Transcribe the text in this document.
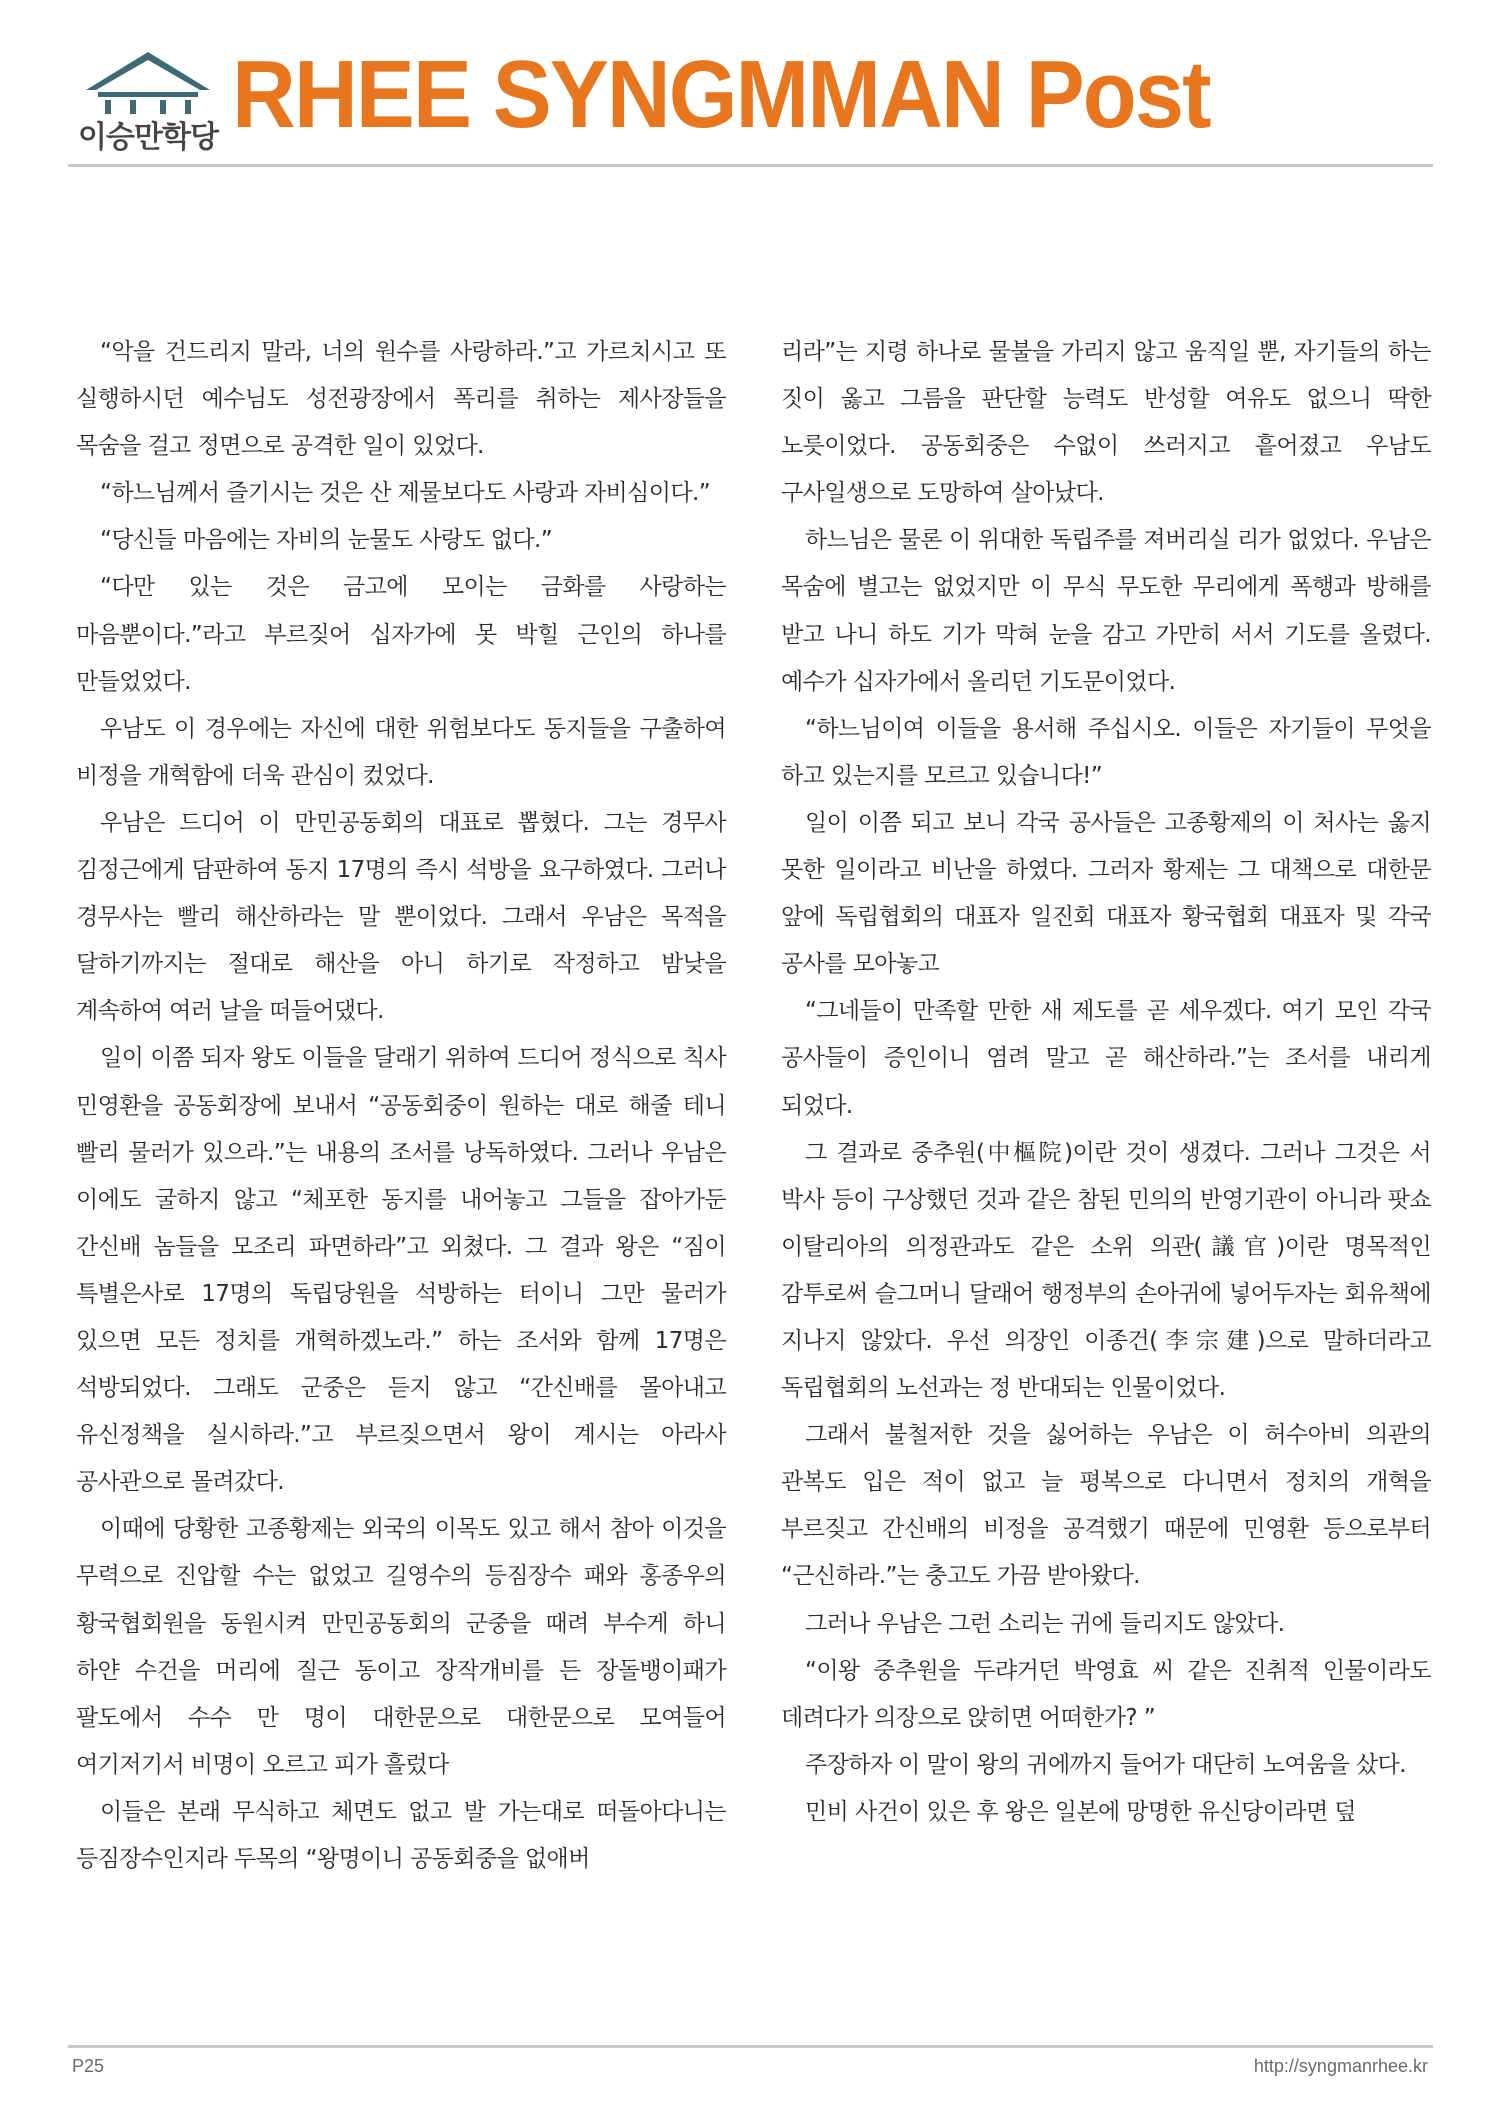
이승만학당 RHEE SYNGMMAN Post

“악을 건드리지 말라, 너의 원수를 사랑하라.”고 가르치시고 또 실행하시던 예수님도 성전광장에서 폭리를 취하는 제사장들을 목숨을 걸고 정면으로 공격한 일이 있었다.

“하느님께서 즐기시는 것은 산 제물보다도 사랑과 자비심이다.”

“당신들 마음에는 자비의 눈물도 사랑도 없다.”

“다만 있는 것은 금고에 모이는 금화를 사랑하는 마음뿐이다.”라고 부르짖어 십자가에 못 박힐 근인의 하나를 만들었었다.

우남도 이 경우에는 자신에 대한 위험보다도 동지들을 구출하여 비정을 개혁함에 더욱 관심이 컸었다.

우남은 드디어 이 만민공동회의 대표로 뽑혔다. 그는 경무사 김정근에게 담판하여 동지 17명의 즉시 석방을 요구하였다. 그러나 경무사는 빨리 해산하라는 말 뿐이었다. 그래서 우남은 목적을 달하기까지는 절대로 해산을 아니 하기로 작정하고 밤낮을 계속하여 여러 날을 떠들어댔다.

일이 이쯤 되자 왕도 이들을 달래기 위하여 드디어 정식으로 칙사 민영환을 공동회장에 보내서 “공동회중이 원하는 대로 해줄 테니 빨리 물러가 있으라.”는 내용의 조서를 낭독하였다. 그러나 우남은 이에도 굴하지 않고 “체포한 동지를 내어놓고 그들을 잡아가둔 간신배 놈들을 모조리 파면하라”고 외쳤다. 그 결과 왕은 “짐이 특별은사로 17명의 독립당원을 석방하는 터이니 그만 물러가 있으면 모든 정치를 개혁하겠노라.” 하는 조서와 함께 17명은 석방되었다. 그래도 군중은 듣지 않고 “간신배를 몰아내고 유신정책을 실시하라.”고 부르짖으면서 왕이 계시는 아라사 공사관으로 몰려갔다.

이때에 당황한 고종황제는 외국의 이목도 있고 해서 참아 이것을 무력으로 진압할 수는 없었고 길영수의 등짐장수 패와 홍종우의 황국협회원을 동원시켜 만민공동회의 군중을 때려 부수게 하니 하얀 수건을 머리에 질근 동이고 장작개비를 든 장돌뱅이패가 팔도에서 수수 만 명이 대한문으로 대한문으로 모여들어 여기저기서 비명이 오르고 피가 흘렀다

이들은 본래 무식하고 체면도 없고 발 가는대로 떠돌아다니는 등짐장수인지라 두목의 “왕명이니 공동회중을 없애버

리라”는 지령 하나로 물불을 가리지 않고 움직일 뿐, 자기들의 하는 짓이 옳고 그름을 판단할 능력도 반성할 여유도 없으니 딱한 노릇이었다. 공동회중은 수없이 쓰러지고 흩어졌고 우남도 구사일생으로 도망하여 살아났다.

하느님은 물론 이 위대한 독립주를 져버리실 리가 없었다. 우남은 목숨에 별고는 없었지만 이 무식 무도한 무리에게 폭행과 방해를 받고 나니 하도 기가 막혀 눈을 감고 가만히 서서 기도를 올렸다. 예수가 십자가에서 올리던 기도문이었다.

“하느님이여 이들을 용서해 주십시오. 이들은 자기들이 무엇을 하고 있는지를 모르고 있습니다!”

일이 이쯤 되고 보니 각국 공사들은 고종황제의 이 처사는 옳지 못한 일이라고 비난을 하였다. 그러자 황제는 그 대책으로 대한문 앞에 독립협회의 대표자 일진회 대표자 황국협회 대표자 및 각국 공사를 모아놓고

“그네들이 만족할 만한 새 제도를 곧 세우겠다. 여기 모인 각국 공사들이 증인이니 염려 말고 곧 해산하라.”는 조서를 내리게 되었다.

그 결과로 중추원(中樞院)이란 것이 생겼다. 그러나 그것은 서 박사 등이 구상했던 것과 같은 참된 민의의 반영기관이 아니라 팟쇼 이탈리아의 의정관과도 같은 소위 의관(議官)이란 명목적인 감투로써 슬그머니 달래어 행정부의 손아귀에 넣어두자는 회유책에 지나지 않았다. 우선 의장인 이종건(李宗建)으로 말하더라고 독립협회의 노선과는 정 반대되는 인물이었다.

그래서 불철저한 것을 싫어하는 우남은 이 허수아비 의관의 관복도 입은 적이 없고 늘 평복으로 다니면서 정치의 개혁을 부르짖고 간신배의 비정을 공격했기 때문에 민영환 등으로부터 “근신하라.”는 충고도 가끔 받아왔다.

그러나 우남은 그런 소리는 귀에 들리지도 않았다.

“이왕 중추원을 두랴거던 박영효 씨 같은 진취적 인물이라도 데려다가 의장으로 앉히면 어떠한가? ”

주장하자 이 말이 왕의 귀에까지 들어가 대단히 노여움을 샀다.

민비 사건이 있은 후 왕은 일본에 망명한 유신당이라면 덮

P25	http://syngmanrhee.kr
